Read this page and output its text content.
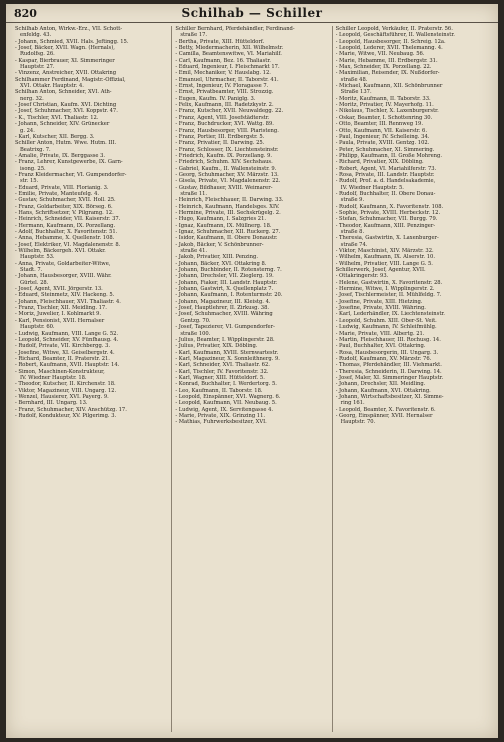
820	Schilhab — Schiller
Schilhab Anton, Wirkw.-Erz., VII. Schott-
enfeldg. 43.
- Johann, Schmied, XVII. Hals. Jeftingg. 15.
- Josef, Bäcker, XVII. Wagn. (Hernals),
Rudolfsg. 26.
- Kaspar, Bierbrauer, XI. Simmeringer
Hauptstr. 27.
- Vinzenz, Anstreicher, XVII. Ottakring
Schilhammer Ferdinand, Magistr.-Offizial,
XVI. Ottakr. Hauptstr. 4.
Schilhan Anton, Schneider, XVI. Ath-
nerg. 32.
- Josef Christian, Kaufm. XVI. Dichting
- Josef, Schuhmacher, XVI. Koppstr. 47.
- K., Tischler, XVI. Thaliastr. 12.
- Johann, Schneider, XIV. Grünecker
g. 24.
- Karl, Kutscher, XII. Bergg. 3.
Schiller Anton, Hutm. Wwe. Hutm. III.
Beatrixg. 7.
- Amalie, Private, IX. Berggasse 3.
- Franz, Lehrer, Kunstgewerbe, IX. Garn-
isong. 25.
- Franz Kleidermacher, VI. Gumpendorfer-
str. 15.
- Eduard, Private, VIII. Florianig. 3.
- Emilie, Private, Manteufelg. 4.
- Gustav, Schuhmacher, XVII. Holl. 25.
- Franz, Goldarbeiter, XIX. Börseg. 6.
- Hans, Schriftsetzer, V. Pilgramg. 12.
- Heinrich, Schneider, VII. Kaiserstr. 37.
- Hermann, Kaufmann, IX. Porzellang.
- Adolf, Buchhalter, X. Favoritenstr. 51.
- Anna, Hebamme, X. Quellenstr. 108.
- Josef, Elektriker, VI. Magdalenenstr. 8.
- Wilhelm, Bäckergeh. XVI. Ottakr.
Hauptstr. 53.
- Anna, Private, Goldarbeiter-Witwe,
Stadt. 7.
- Johann, Hausbesorger, XVIII. Währ.
Gürtel. 28.
- Josef, Agent, XVII. Jörgerstr. 13.
- Eduard, Steinmetz, XIV. Hackeng. 5.
- Johann, Fleischhauer, XVI. Thaliastr. 4.
- Franz, Tischler, XII. Meidling. 17.
- Moriz, Juwelier, I. Kohlmarkt 9.
- Karl, Pensionist, XVII. Hernalser
Hauptstr. 60.
- Ludwig, Kaufmann, VIII. Lange G. 52.
- Leopold, Schneider, XV. Fünfhausg. 4.
- Rudolf, Private, VII. Kirchbergg. 3.
- Josefine, Witwe, XI. Geiselbergstr. 4.
- Richard, Beamter, II. Praterstr. 21.
- Robert, Kaufmann, XVII. Hauptstr. 14.
- Simon, Maschinen-Konstrukteur,
IV. Wiedner Hauptstr. 18.
- Theodor, Kutscher, II. Kirchenstr. 18.
- Viktor, Magazineur, VIII. Ungarg. 12.
- Wenzel, Hausierer, XVI. Payerg. 9.
- Bernhard, III. Ungarg. 13.
- Franz, Schuhmacher, XIV. Anschützg. 17.
- Rudolf, Kondukteur, XV. Pilgerimg. 3.
Schiller Bernhard, Pferdehändler, Ferdinand-
straße 17.
- Bertha, Private, XIII. Hütteldorf.
- Betty, Miedermacherin, XII. Wilhelmstr.
- Camilla, Beamtenswitwe, VI. Mariahilf.
- Carl, Kaufmann, Bez. 16. Thaliastr.
- Eduard, Ingenieur, I. Fleischmarkt 17.
- Emil, Mechaniker, V. Hauslabg. 12.
- Emanuel, Uhrmacher, II. Taborstr. 41.
- Ernst, Ingenieur, IV. Floragasse 7.
- Ernst, Privatbeamter, VIII. Strozzig.
- Eugen, Kaufm. IV. Paniglg. 3.
- Felix, Kaufmann, III. Radetzkystr. 2.
- Franz, Kutscher, XVII. Neuwaldegg. 22.
- Franz, Agent, VIII. Josefstädterstr.
- Franz, Buchdrucker, XVI. Wattg. 89.
- Franz, Hausbesorger, VIII. Piaristeng.
- Franz, Portier, III. Erdbergstr. 5.
- Franz, Privatier, II. Darwing. 25.
- Franz, Schlosser, IX. Liechtensteinstr.
- Friedrich, Kaufm. IX. Porzellang. 9.
- Friedrich, Schuhm. XIV. Sechshaus.
- Gabriel, Kaufm., II. Wallensteinstr. 9.
- Georg, Schuhmacher, XV. Märzstr. 13.
- Gisela, Private, VI. Magdalenenstr. 22.
- Gustav, Bildhauer, XVIII. Weimarer-
straße 11.
- Heinrich, Fleischhauer, II. Darwing. 33.
- Heinrich, Kaufmann, Handelsges. XIV.
- Hermine, Private, III. Sechskrügelg. 2.
- Hugo, Kaufmann, I. Salzgries 21.
- Ignaz, Kaufmann, IX. Müllnerg. 18.
- Ignaz, Schuhmacher, XII. Ruckerg. 27.
- Isidor, Kaufmann, II. Obere Donaustr.
- Jakob, Bäcker, V. Schönbrunner-
straße 41.
- Jakob, Privatier, XIII. Penzing.
- Johann, Bäcker, XVI. Ottakring 8.
- Johann, Buchbinder, II. Rotensterng. 7.
- Johann, Drechsler, VII. Zieglerg. 19.
- Johann, Fiaker, III. Landstr. Hauptstr.
- Johann, Gastwirt, X. Quellenplatz 7.
- Johann, Kaufmann, I. Rotenturmstr. 20.
- Johann, Magazineur, III. Kleistg. 4.
- Josef, Hauptlehrer, II. Zirkusg. 38.
- Josef, Schuhmacher, XVIII. Währing
Gentzg. 70.
- Josef, Tapezierer, VI. Gumpendorfer-
straße 100.
- Julius, Beamter, I. Wipplingerstr. 28.
- Julius, Privatier, XIX. Döbling.
- Karl, Kaufmann, XVIII. Sternwartestr.
- Karl, Magazineur, X. Sonnleithnerg. 9.
- Karl, Schneider, XVI. Thaliastr. 62.
- Karl, Tischler, IV. Favoritenstr. 32.
- Karl, Wagner, XIII. Hütteldorf. 5.
- Konrad, Buchhalter, I. Werdertorg. 5.
- Leo, Kaufmann, II. Taborstr. 18.
- Leopold, Einspänner, XVI. Wagnerg. 6.
- Leopold, Kaufmann, VII. Neubaug. 5.
- Ludwig, Agent, IX. Servitengasse 4.
- Marie, Private, XIX. Grinzing 11.
- Mathias, Fuhrwerksbesitzer, XVI.
Schiller Leopold, Verkäufer, II. Praterstr. 56.
- Leopold, Geschäftsführer, II. Wallensteinstr.
- Leopold, Hausbesorger, II. Schreig. 12a.
- Leopold, Lederer, XVII. Thelemanng. 4.
- Marie, Witwe, VII. Neubaug. 56.
- Marie, Hebamme, III. Erdbergstr. 31.
- Max, Schneider, IX. Porzellang. 22.
- Maximilian, Reisender, IX. Nußdorfer-
straße 48.
- Michael, Kaufmann, XII. Schönbrunner
Straße 137.
- Moritz, Kaufmann, II. Taborstr. 33.
- Moritz, Privatier, IV. Mayerhofg. 11.
- Nikolaus, Tischler, X. Laxenburgerstr.
- Oskar, Beamter, I. Schottenring 30.
- Otto, Beamter, III. Rennweg 19.
- Otto, Kaufmann, VII. Kaiserstr. 6.
- Paul, Ingenieur, IV. Schelleing. 34.
- Paula, Private, XVIII. Gentzg. 102.
- Peter, Schuhmacher, XI. Simmering.
- Philipp, Kaufmann, II. Große Mohreng.
- Richard, Privatier, XIX. Döbling.
- Robert, Agent, VI. Mariahilferstr. 73.
- Rosa, Private, III. Landstr. Hauptstr.
- Rudolf, Prof. a. d. Handelsakademie,
IV. Wiedner Hauptstr. 5.
- Rudolf, Buchhalter, II. Obere Donau-
straße 9.
- Rudolf, Kaufmann, X. Favoritenstr. 108.
- Sophie, Private, XVIII. Herbeckstr. 12.
- Stefan, Schuhmacher, VII. Burgg. 79.
- Theodor, Kaufmann, XIII. Penzinger-
straße 8.
- Theresia, Gastwirtin, X. Laxenburger-
straße 74.
- Viktor, Maschinist, XIV. Märzstr. 32.
- Wilhelm, Kaufmann, IX. Alserstr. 10.
- Wilhelm, Privatier, VIII. Lange G. 5.
Schillerwerk, Josef, Agentur, XVII.
- Ottakringerstr. 93.
- Helene, Gastwirtin, X. Favoritenstr. 28.
- Hermine, Witwe, I. Wipplingerstr. 2.
- Josef, Tischlermeister, II. Mühlfeldg. 7.
- Josefine, Private, XIII. Hietzing.
- Josefine, Private, XVIII. Währing.
- Karl, Lederhändler, IX. Liechtensteinstr.
- Leopold, Schuhm. XIII. Ober-St. Veit.
- Ludwig, Kaufmann, IV. Schleifmühlg.
- Marie, Private, VIII. Albertg. 21.
- Martin, Fleischhauer, III. Rochusg. 14.
- Paul, Buchhalter, XVI. Ottakring.
- Rosa, Hausbesorgerin, III. Ungarg. 3.
- Rudolf, Kaufmann, XV. Märzstr. 76.
- Thomas, Pferdehändler, III. Viehmarkt.
- Theresia, Schneiderin, II. Darwing. 14.
- Josef, Maler, XI. Simmeringer Hauptstr.
- Johann, Drechsler, XII. Meidling.
- Johann, Kaufmann, XVI. Ottakring.
- Johann, Wirtschaftsbesitzer, XI. Simme-
ring 161.
- Leopold, Beamter, X. Favoritenstr. 6.
- Georg, Einspänner, XVII. Hernalser
Hauptstr. 70.
